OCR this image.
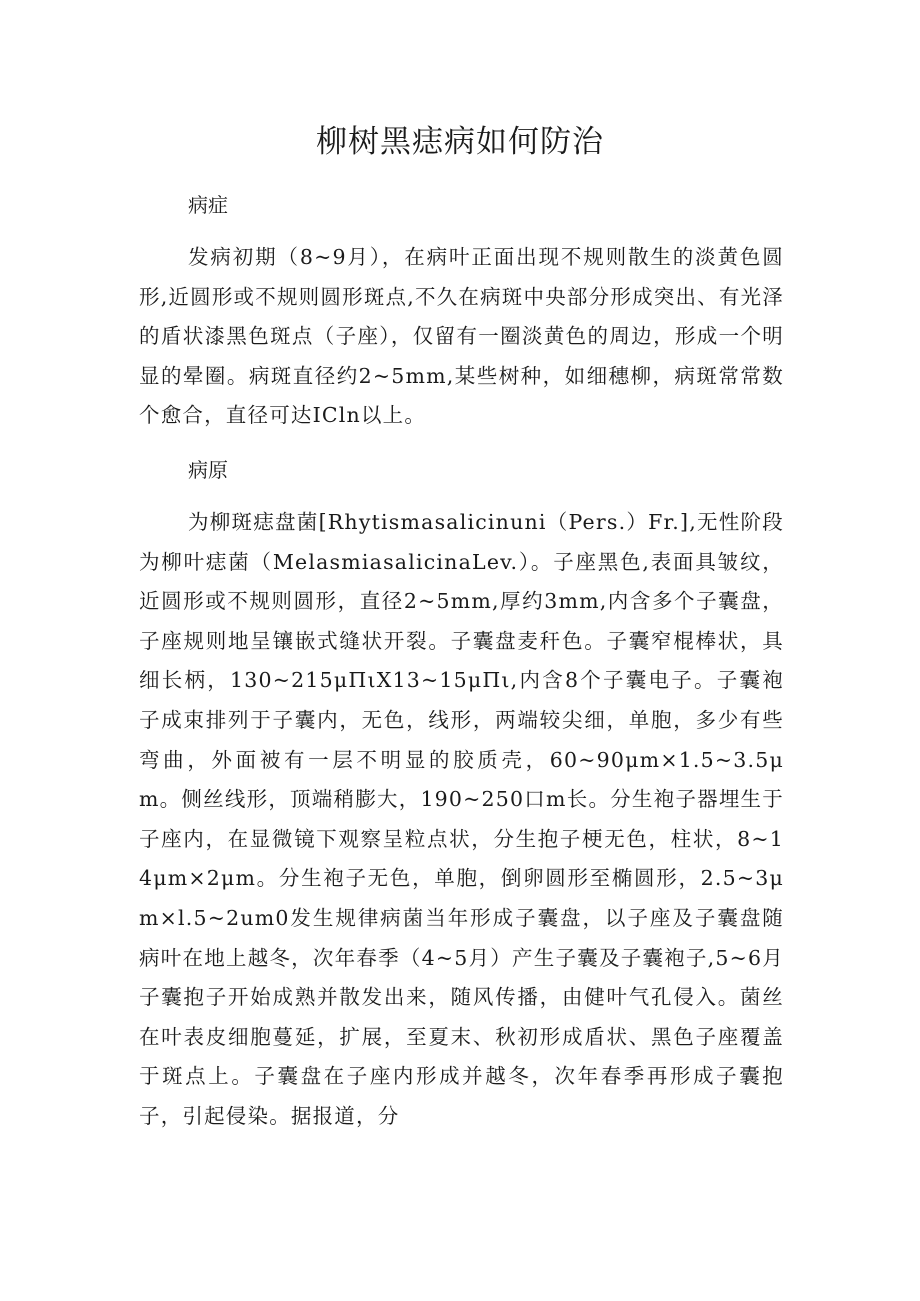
柳树黑痣病如何防治
病症

发病初期（8~9月），在病叶正面出现不规则散生的淡黄色圆形,近圆形或不规则圆形斑点,不久在病斑中央部分形成突出、有光泽的盾状漆黑色斑点（子座），仅留有一圈淡黄色的周边，形成一个明显的晕圈。病斑直径约2~5mm,某些树种，如细穗柳，病斑常常数个愈合，直径可达ICln以上。

病原

为柳斑痣盘菌[Rhytismasalicinuni（Pers.）Fr.],无性阶段为柳叶痣菌（MelasmiasalicinaLev.）。子座黑色,表面具皱纹，近圆形或不规则圆形，直径2~5mm,厚约3mm,内含多个子囊盘，子座规则地呈镶嵌式缝状开裂。子囊盘麦秆色。子囊窄棍棒状，具细长柄，130~215μΠιX13~15μΠι,内含8个子囊电子。子囊袍子成束排列于子囊内，无色，线形，两端较尖细，单胞，多少有些弯曲，外面被有一层不明显的胶质壳，60~90μm×1.5~3.5μm。侧丝线形，顶端稍膨大，190~250口m长。分生袍子器埋生于子座内，在显微镜下观察呈粒点状，分生抱子梗无色，柱状，8~14μm×2μm。分生袍子无色，单胞，倒卵圆形至椭圆形，2.5~3μm×l.5~2um0发生规律病菌当年形成子囊盘，以子座及子囊盘随病叶在地上越冬，次年春季（4~5月）产生子囊及子囊袍子,5~6月子囊抱子开始成熟并散发出来，随风传播，由健叶气孔侵入。菌丝在叶表皮细胞蔓延，扩展，至夏末、秋初形成盾状、黑色子座覆盖于斑点上。子囊盘在子座内形成并越冬，次年春季再形成子囊抱子，引起侵染。据报道，分
